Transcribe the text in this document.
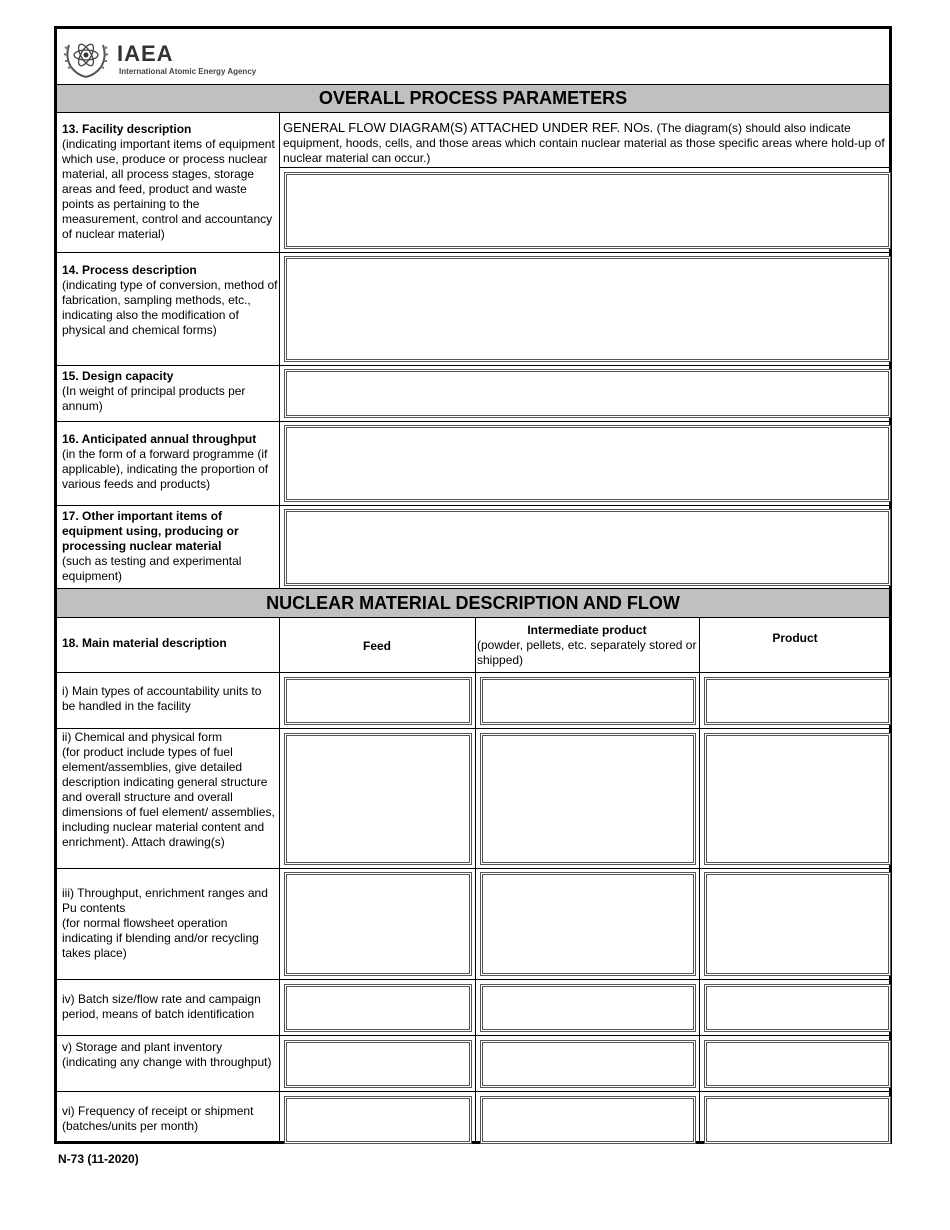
IAEA
International Atomic Energy Agency
OVERALL PROCESS PARAMETERS
GENERAL FLOW DIAGRAM(S) ATTACHED UNDER REF. NOs. (The diagram(s) should also indicate equipment, hoods, cells, and those areas which contain nuclear material as those specific areas where hold-up of nuclear material can occur.)
13. Facility description
(indicating important items of equipment which use, produce or process nuclear material, all process stages, storage areas and feed, product and waste points as pertaining to the measurement, control and accountancy of nuclear material)
14. Process description
(indicating type of conversion, method of fabrication, sampling methods, etc., indicating also the modification of physical and chemical forms)
15. Design capacity
(In weight of principal products per annum)
16. Anticipated annual throughput
(in the form of a forward programme (if applicable), indicating the proportion of various feeds and products)
17. Other important items of equipment using, producing or processing nuclear material
(such as testing and experimental equipment)
NUCLEAR MATERIAL DESCRIPTION AND FLOW
18. Main material description	Feed
Intermediate product
(powder, pellets, etc. separately stored or shipped)
Product
i) Main types of accountability units to be handled in the facility
ii) Chemical and physical form
(for product include types of fuel element/assemblies, give detailed description indicating general structure and overall structure and overall dimensions of fuel element/ assemblies, including nuclear material content and enrichment). Attach drawing(s)
iii) Throughput, enrichment ranges and Pu contents
(for normal flowsheet operation indicating if blending and/or recycling takes place)
iv) Batch size/flow rate and campaign period, means of batch identification
v) Storage and plant inventory (indicating any change with throughput)
vi) Frequency of receipt or shipment (batches/units per month)
N-73 (11-2020)
